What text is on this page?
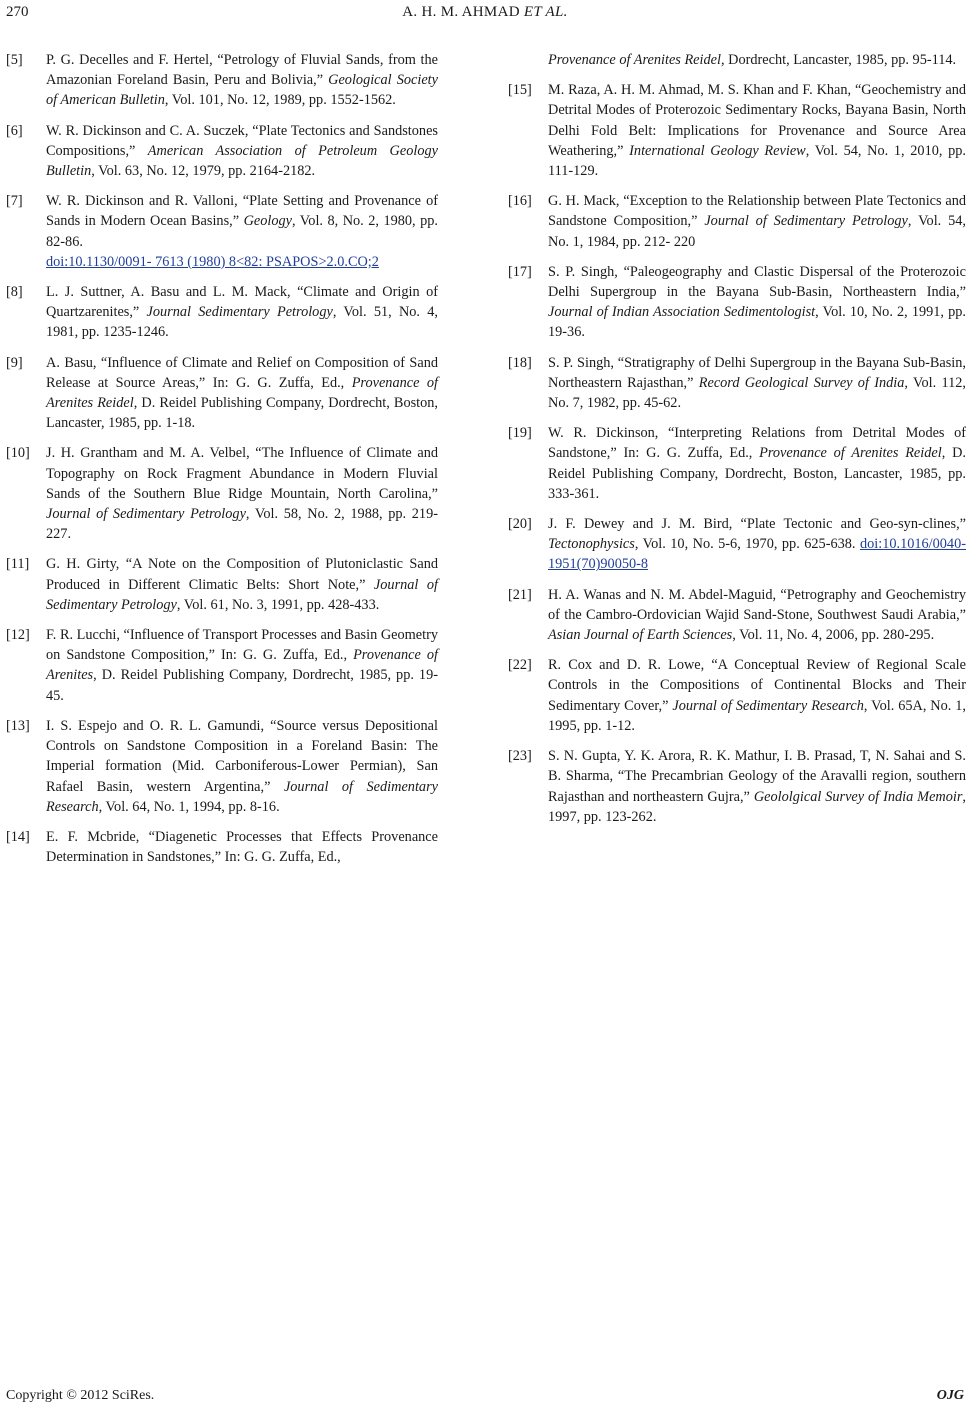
270	A. H. M. AHMAD ET AL.
[5] P. G. Decelles and F. Hertel, “Petrology of Fluvial Sands, from the Amazonian Foreland Basin, Peru and Bolivia,” Geological Society of American Bulletin, Vol. 101, No. 12, 1989, pp. 1552-1562.
[6] W. R. Dickinson and C. A. Suczek, “Plate Tectonics and Sandstones Compositions,” American Association of Petroleum Geology Bulletin, Vol. 63, No. 12, 1979, pp. 2164-2182.
[7] W. R. Dickinson and R. Valloni, “Plate Setting and Provenance of Sands in Modern Ocean Basins,” Geology, Vol. 8, No. 2, 1980, pp. 82-86.
doi:10.1130/0091- 7613 (1980) 8<82: PSAPOS>2.0.CO;2
[8] L. J. Suttner, A. Basu and L. M. Mack, “Climate and Origin of Quartzarenites,” Journal Sedimentary Petrology, Vol. 51, No. 4, 1981, pp. 1235-1246.
[9] A. Basu, “Influence of Climate and Relief on Composition of Sand Release at Source Areas,” In: G. G. Zuffa, Ed., Provenance of Arenites Reidel, D. Reidel Publishing Company, Dordrecht, Boston, Lancaster, 1985, pp. 1-18.
[10] J. H. Grantham and M. A. Velbel, “The Influence of Climate and Topography on Rock Fragment Abundance in Modern Fluvial Sands of the Southern Blue Ridge Mountain, North Carolina,” Journal of Sedimentary Petrology, Vol. 58, No. 2, 1988, pp. 219-227.
[11] G. H. Girty, “A Note on the Composition of Plutoniclastic Sand Produced in Different Climatic Belts: Short Note,” Journal of Sedimentary Petrology, Vol. 61, No. 3, 1991, pp. 428-433.
[12] F. R. Lucchi, “Influence of Transport Processes and Basin Geometry on Sandstone Composition,” In: G. G. Zuffa, Ed., Provenance of Arenites, D. Reidel Publishing Company, Dordrecht, 1985, pp. 19-45.
[13] I. S. Espejo and O. R. L. Gamundi, “Source versus Depositional Controls on Sandstone Composition in a Foreland Basin: The Imperial formation (Mid. Carboniferous-Lower Permian), San Rafael Basin, western Argentina,” Journal of Sedimentary Research, Vol. 64, No. 1, 1994, pp. 8-16.
[14] E. F. Mcbride, “Diagenetic Processes that Effects Provenance Determination in Sandstones,” In: G. G. Zuffa, Ed.,
Provenance of Arenites Reidel, Dordrecht, Lancaster, 1985, pp. 95-114.
[15] M. Raza, A. H. M. Ahmad, M. S. Khan and F. Khan, “Geochemistry and Detrital Modes of Proterozoic Sedimentary Rocks, Bayana Basin, North Delhi Fold Belt: Implications for Provenance and Source Area Weathering,” International Geology Review, Vol. 54, No. 1, 2010, pp. 111-129.
[16] G. H. Mack, “Exception to the Relationship between Plate Tectonics and Sandstone Composition,” Journal of Sedimentary Petrology, Vol. 54, No. 1, 1984, pp. 212- 220
[17] S. P. Singh, “Paleogeography and Clastic Dispersal of the Proterozoic Delhi Supergroup in the Bayana Sub-Basin, Northeastern India,” Journal of Indian Association Sedimentologist, Vol. 10, No. 2, 1991, pp. 19-36.
[18] S. P. Singh, “Stratigraphy of Delhi Supergroup in the Bayana Sub-Basin, Northeastern Rajasthan,” Record Geological Survey of India, Vol. 112, No. 7, 1982, pp. 45-62.
[19] W. R. Dickinson, “Interpreting Relations from Detrital Modes of Sandstone,” In: G. G. Zuffa, Ed., Provenance of Arenites Reidel, D. Reidel Publishing Company, Dordrecht, Boston, Lancaster, 1985, pp. 333-361.
[20] J. F. Dewey and J. M. Bird, “Plate Tectonic and Geo-syn-clines,” Tectonophysics, Vol. 10, No. 5-6, 1970, pp. 625-638. doi:10.1016/0040-1951(70)90050-8
[21] H. A. Wanas and N. M. Abdel-Maguid, “Petrography and Geochemistry of the Cambro-Ordovician Wajid Sand-Stone, Southwest Saudi Arabia,” Asian Journal of Earth Sciences, Vol. 11, No. 4, 2006, pp. 280-295.
[22] R. Cox and D. R. Lowe, “A Conceptual Review of Regional Scale Controls in the Compositions of Continental Blocks and Their Sedimentary Cover,” Journal of Sedimentary Research, Vol. 65A, No. 1, 1995, pp. 1-12.
[23] S. N. Gupta, Y. K. Arora, R. K. Mathur, I. B. Prasad, T, N. Sahai and S. B. Sharma, “The Precambrian Geology of the Aravalli region, southern Rajasthan and northeastern Gujra,” Geololgical Survey of India Memoir, 1997, pp. 123-262.
Copyright © 2012 SciRes.	OJG
